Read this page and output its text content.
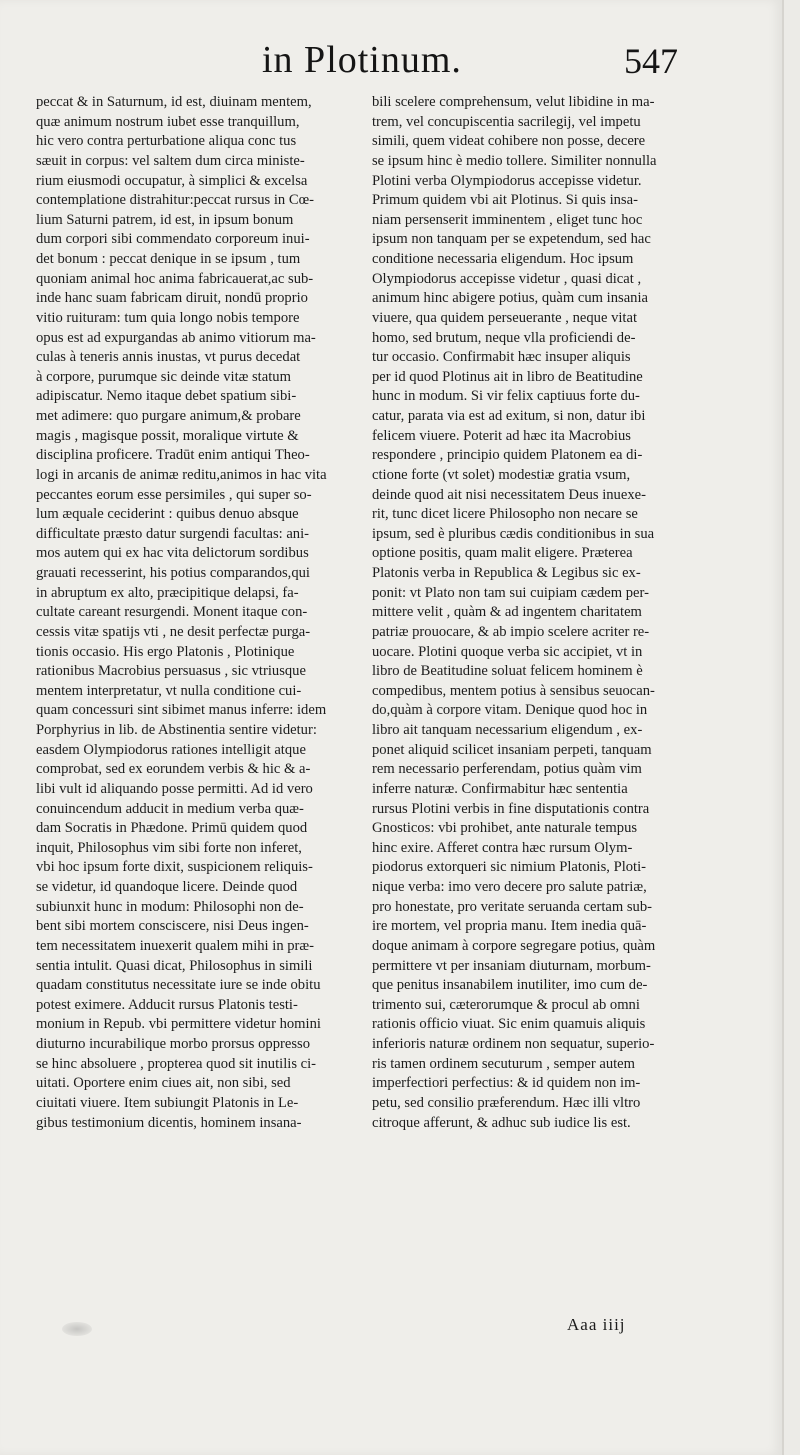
in Plotinum.	547
peccat & in Saturnum, id est, diuinam mentem,
quæ animum nostrum iubet esse tranquillum,
hic vero contra perturbatione aliqua conc tus
sæuit in corpus: vel saltem dum circa ministe-
rium eiusmodi occupatur, à simplici & excelsa
contemplatione distrahitur:peccat rursus in Cœ-
lium Saturni patrem, id est, in ipsum bonum
dum corpori sibi commendato corporeum inui-
det bonum : peccat denique in se ipsum , tum
quoniam animal hoc anima fabricauerat,ac sub-
inde hanc suam fabricam diruit, nondū proprio
vitio ruituram: tum quia longo nobis tempore
opus est ad expurgandas ab animo vitiorum ma-
culas à teneris annis inustas, vt purus decedat
à corpore, purumque sic deinde vitæ statum
adipiscatur. Nemo itaque debet spatium sibi-
met adimere: quo purgare animum,& probare
magis , magisque possit, moralique virtute &
disciplina proficere. Tradūt enim antiqui Theo-
logi in arcanis de animæ reditu,animos in hac vita
peccantes eorum esse persimiles , qui super so-
lum æquale ceciderint : quibus denuo absque
difficultate præsto datur surgendi facultas: ani-
mos autem qui ex hac vita delictorum sordibus
grauati recesserint, his potius comparandos,qui
in abruptum ex alto, præcipitique delapsi, fa-
cultate careant resurgendi. Monent itaque con-
cessis vitæ spatijs vti , ne desit perfectæ purga-
tionis occasio. His ergo Platonis , Plotinique
rationibus Macrobius persuasus , sic vtriusque
mentem interpretatur, vt nulla conditione cui-
quam concessuri sint sibimet manus inferre: idem
Porphyrius in lib. de Abstinentia sentire videtur:
easdem Olympiodorus rationes intelligit atque
comprobat, sed ex eorundem verbis & hic & a-
libi vult id aliquando posse permitti. Ad id vero
conuincendum adducit in medium verba quæ-
dam Socratis in Phædone. Primū quidem quod
inquit, Philosophus vim sibi forte non inferet,
vbi hoc ipsum forte dixit, suspicionem reliquis-
se videtur, id quandoque licere. Deinde quod
subiunxit hunc in modum: Philosophi non de-
bent sibi mortem consciscere, nisi Deus ingen-
tem necessitatem inuexerit qualem mihi in præ-
sentia intulit. Quasi dicat, Philosophus in simili
quadam constitutus necessitate iure se inde obitu
potest eximere. Adducit rursus Platonis testi-
monium in Repub. vbi permittere videtur homini
diuturno incurabilique morbo prorsus oppresso
se hinc absoluere , propterea quod sit inutilis ci-
uitati. Oportere enim ciues ait, non sibi, sed
ciuitati viuere. Item subiungit Platonis in Le-
gibus testimonium dicentis, hominem insana-
bili scelere comprehensum, velut libidine in ma-
trem, vel concupiscentia sacrilegij, vel impetu
simili, quem videat cohibere non posse, decere
se ipsum hinc è medio tollere. Similiter nonnulla
Plotini verba Olympiodorus accepisse videtur.
Primum quidem vbi ait Plotinus. Si quis insa-
niam persenserit imminentem , eliget tunc hoc
ipsum non tanquam per se expetendum, sed hac
conditione necessaria eligendum. Hoc ipsum
Olympiodorus accepisse videtur , quasi dicat ,
animum hinc abigere potius, quàm cum insania
viuere, qua quidem perseuerante , neque vitat
homo, sed brutum, neque vlla proficiendi de-
tur occasio. Confirmabit hæc insuper aliquis
per id quod Plotinus ait in libro de Beatitudine
hunc in modum. Si vir felix captiuus forte du-
catur, parata via est ad exitum, si non, datur ibi
felicem viuere. Poterit ad hæc ita Macrobius
respondere , principio quidem Platonem ea di-
ctione forte (vt solet) modestiæ gratia vsum,
deinde quod ait nisi necessitatem Deus inuexe-
rit, tunc dicet licere Philosopho non necare se
ipsum, sed è pluribus cædis conditionibus in sua
optione positis, quam malit eligere. Præterea
Platonis verba in Republica & Legibus sic ex-
ponit: vt Plato non tam sui cuipiam cædem per-
mittere velit , quàm & ad ingentem charitatem
patriæ prouocare, & ab impio scelere acriter re-
uocare. Plotini quoque verba sic accipiet, vt in
libro de Beatitudine soluat felicem hominem è
compedibus, mentem potius à sensibus seuocan-
do,quàm à corpore vitam. Denique quod hoc in
libro ait tanquam necessarium eligendum , ex-
ponet aliquid scilicet insaniam perpeti, tanquam
rem necessario perferendam, potius quàm vim
inferre naturæ. Confirmabitur hæc sententia
rursus Plotini verbis in fine disputationis contra
Gnosticos: vbi prohibet, ante naturale tempus
hinc exire. Afferet contra hæc rursum Olym-
piodorus extorqueri sic nimium Platonis, Ploti-
nique verba: imo vero decere pro salute patriæ,
pro honestate, pro veritate seruanda certam sub-
ire mortem, vel propria manu. Item inedia quā-
doque animam à corpore segregare potius, quàm
permittere vt per insaniam diuturnam, morbum-
que penitus insanabilem inutiliter, imo cum de-
trimento sui, cæterorumque & procul ab omni
rationis officio viuat. Sic enim quamuis aliquis
inferioris naturæ ordinem non sequatur, superio-
ris tamen ordinem secuturum , semper autem
imperfectiori perfectius: & id quidem non im-
petu, sed consilio præferendum. Hæc illi vltro
citroque afferunt, & adhuc sub iudice lis est.
Aaa iiij
